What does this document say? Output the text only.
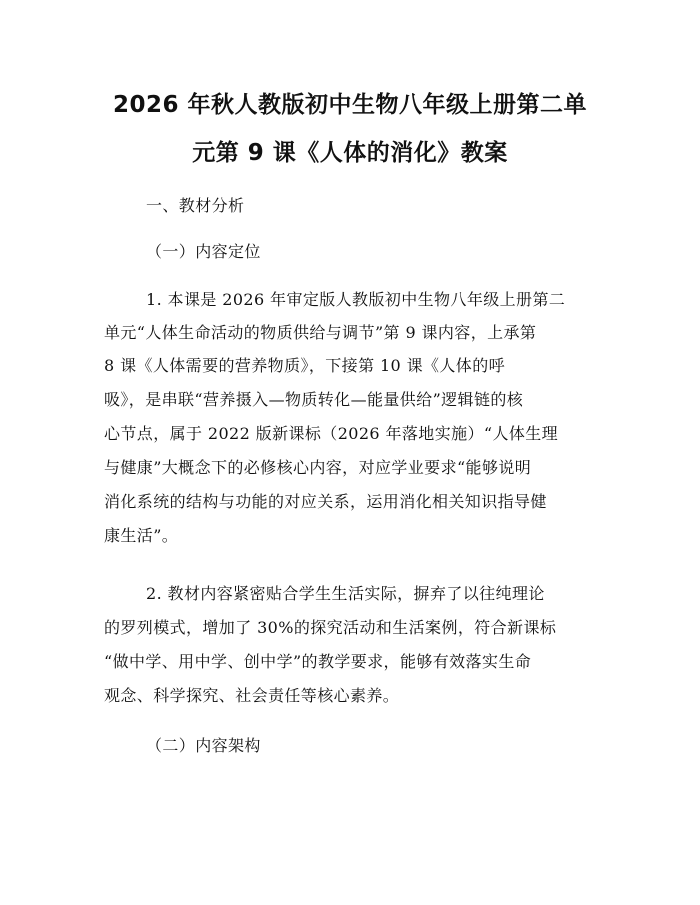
2026 年秋人教版初中生物八年级上册第二单
元第 9 课《人体的消化》教案
一、教材分析
（一）内容定位
1. 本课是 2026 年审定版人教版初中生物八年级上册第二
单元“人体生命活动的物质供给与调节”第 9 课内容，上承第
8 课《人体需要的营养物质》，下接第 10 课《人体的呼
吸》，是串联“营养摄入—物质转化—能量供给”逻辑链的核
心节点，属于 2022 版新课标（2026 年落地实施）“人体生理
与健康”大概念下的必修核心内容，对应学业要求“能够说明
消化系统的结构与功能的对应关系，运用消化相关知识指导健
康生活”。
2. 教材内容紧密贴合学生生活实际，摒弃了以往纯理论
的罗列模式，增加了 30%的探究活动和生活案例，符合新课标
“做中学、用中学、创中学”的教学要求，能够有效落实生命
观念、科学探究、社会责任等核心素养。
（二）内容架构
